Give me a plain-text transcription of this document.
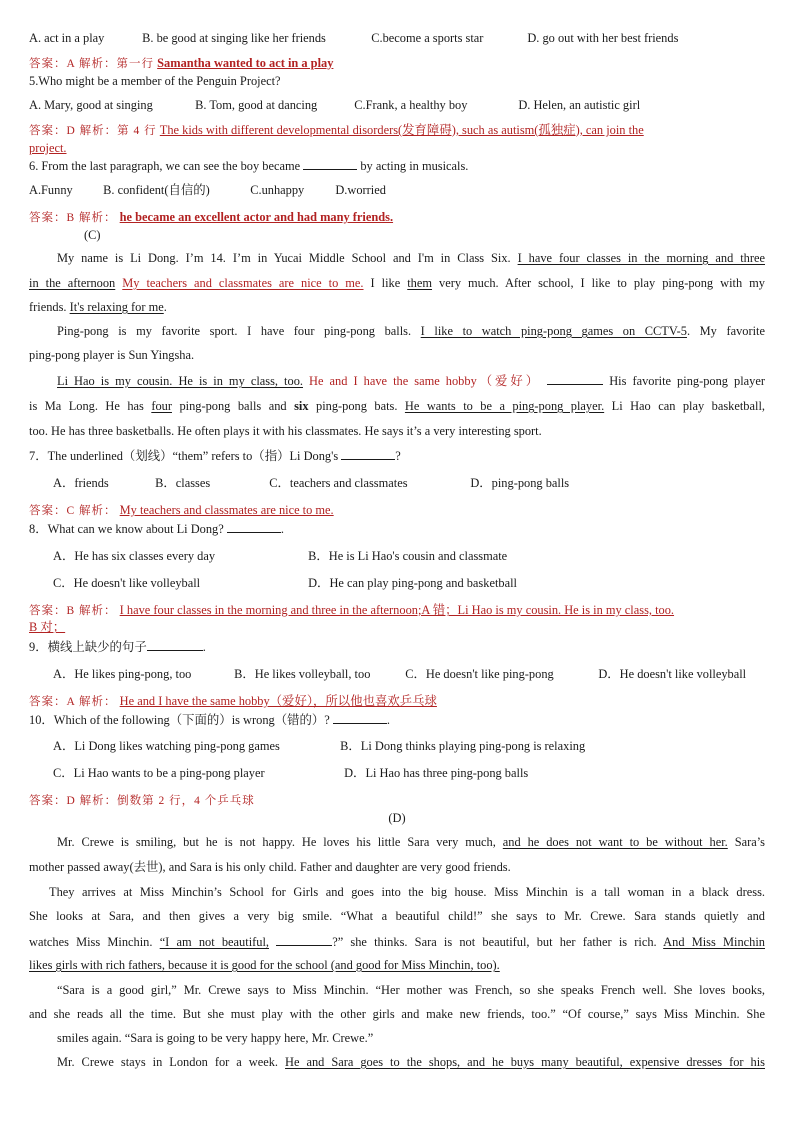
A. act in a play	B. be good at singing like her friends	C.become a sports star	D. go out with her best friends
答案：A 解析：第一行 Samantha wanted to act in a play
5.Who might be a member of the Penguin Project?
A. Mary, good at singing	B. Tom, good at dancing	C.Frank, a healthy boy	D. Helen, an autistic girl
答案：D 解析：第 4 行 The kids with different developmental disorders(发育障碍), such as autism(孤独症), can join the
project.
6. From the last paragraph, we can see the boy became	by acting in musicals.
A.Funny B. confident(自信的)	C.unhappy	D.worried
答案：B 解析： he became an excellent actor and had many friends.
(C)
My name is Li Dong. I’m 14. I’m in Yucai Middle School and I'm in Class Six. I have four classes in the morning and three
in the afternoon My teachers and classmates are nice to me. I like them very much. After school, I like to play ping-pong with my
friends. It's relaxing for me.
Ping-pong is my favorite sport. I have four ping-pong balls. I like to watch ping-pong games on CCTV-5. My favorite
ping-pong player is Sun Yingsha.
Li Hao is my cousin. He is in my class, too. He and I have the same hobby（爱好）	His favorite ping-pong player
is Ma Long. He has four ping-pong balls and six ping-pong bats. He wants to be a ping-pong player. Li Hao can play basketball,
too. He has three basketballs. He often plays it with his classmates. He says it’s a very interesting sport.
7．The underlined（划线）“them” refers to（指）Li Dong's	?
A．friends	B．classes	C．teachers and classmates	D．ping-pong balls
答案：C 解析： My teachers and classmates are nice to me.
8．What can we know about Li Dong?	.
A．He has six classes every day	B．He is Li Hao's cousin and classmate
C．He doesn't like volleyball	D．He can play ping-pong and basketball
答案：B 解析： I have four classes in the morning and three in the afternoon;A 错；Li Hao is my cousin. He is in my class, too.
B 对；
9．横线上缺少的句子	.
A．He likes ping-pong, too	B．He likes volleyball, too	C．He doesn't like ping-pong	D．He doesn't like volleyball
答案：A 解析： He and I have the same hobby（爱好），所以他也喜欢乒乓球
10．Which of the following（下面的）is wrong（错的）?	.
A．Li Dong likes watching ping-pong games	B．Li Dong thinks playing ping-pong is relaxing
C．Li Hao wants to be a ping-pong player	D．Li Hao has three ping-pong balls
答案：D 解析：倒数第 2 行，4 个乒乓球
(D)
Mr. Crewe is smiling, but he is not happy. He loves his little Sara very much, and he does not want to be without her. Sara’s
mother passed away(去世), and Sara is his only child. Father and daughter are very good friends.
They arrives at Miss Minchin’s School for Girls and goes into the big house. Miss Minchin is a tall woman in a black dress.
She looks at Sara, and then gives a very big smile. “What a beautiful child!” she says to Mr. Crewe. Sara stands quietly and
watches Miss Minchin. “I am not beautiful,	?” she thinks. Sara is not beautiful, but her father is rich. And Miss Minchin
likes girls with rich fathers, because it is good for the school (and good for Miss Minchin, too).
“Sara is a good girl,” Mr. Crewe says to Miss Minchin. “Her mother was French, so she speaks French well. She loves books,
and she reads all the time. But she must play with the other girls and make new friends, too.” “Of course,” says Miss Minchin. She
smiles again. “Sara is going to be very happy here, Mr. Crewe.”
Mr. Crewe stays in London for a week. He and Sara goes to the shops, and he buys many beautiful, expensive dresses for his
